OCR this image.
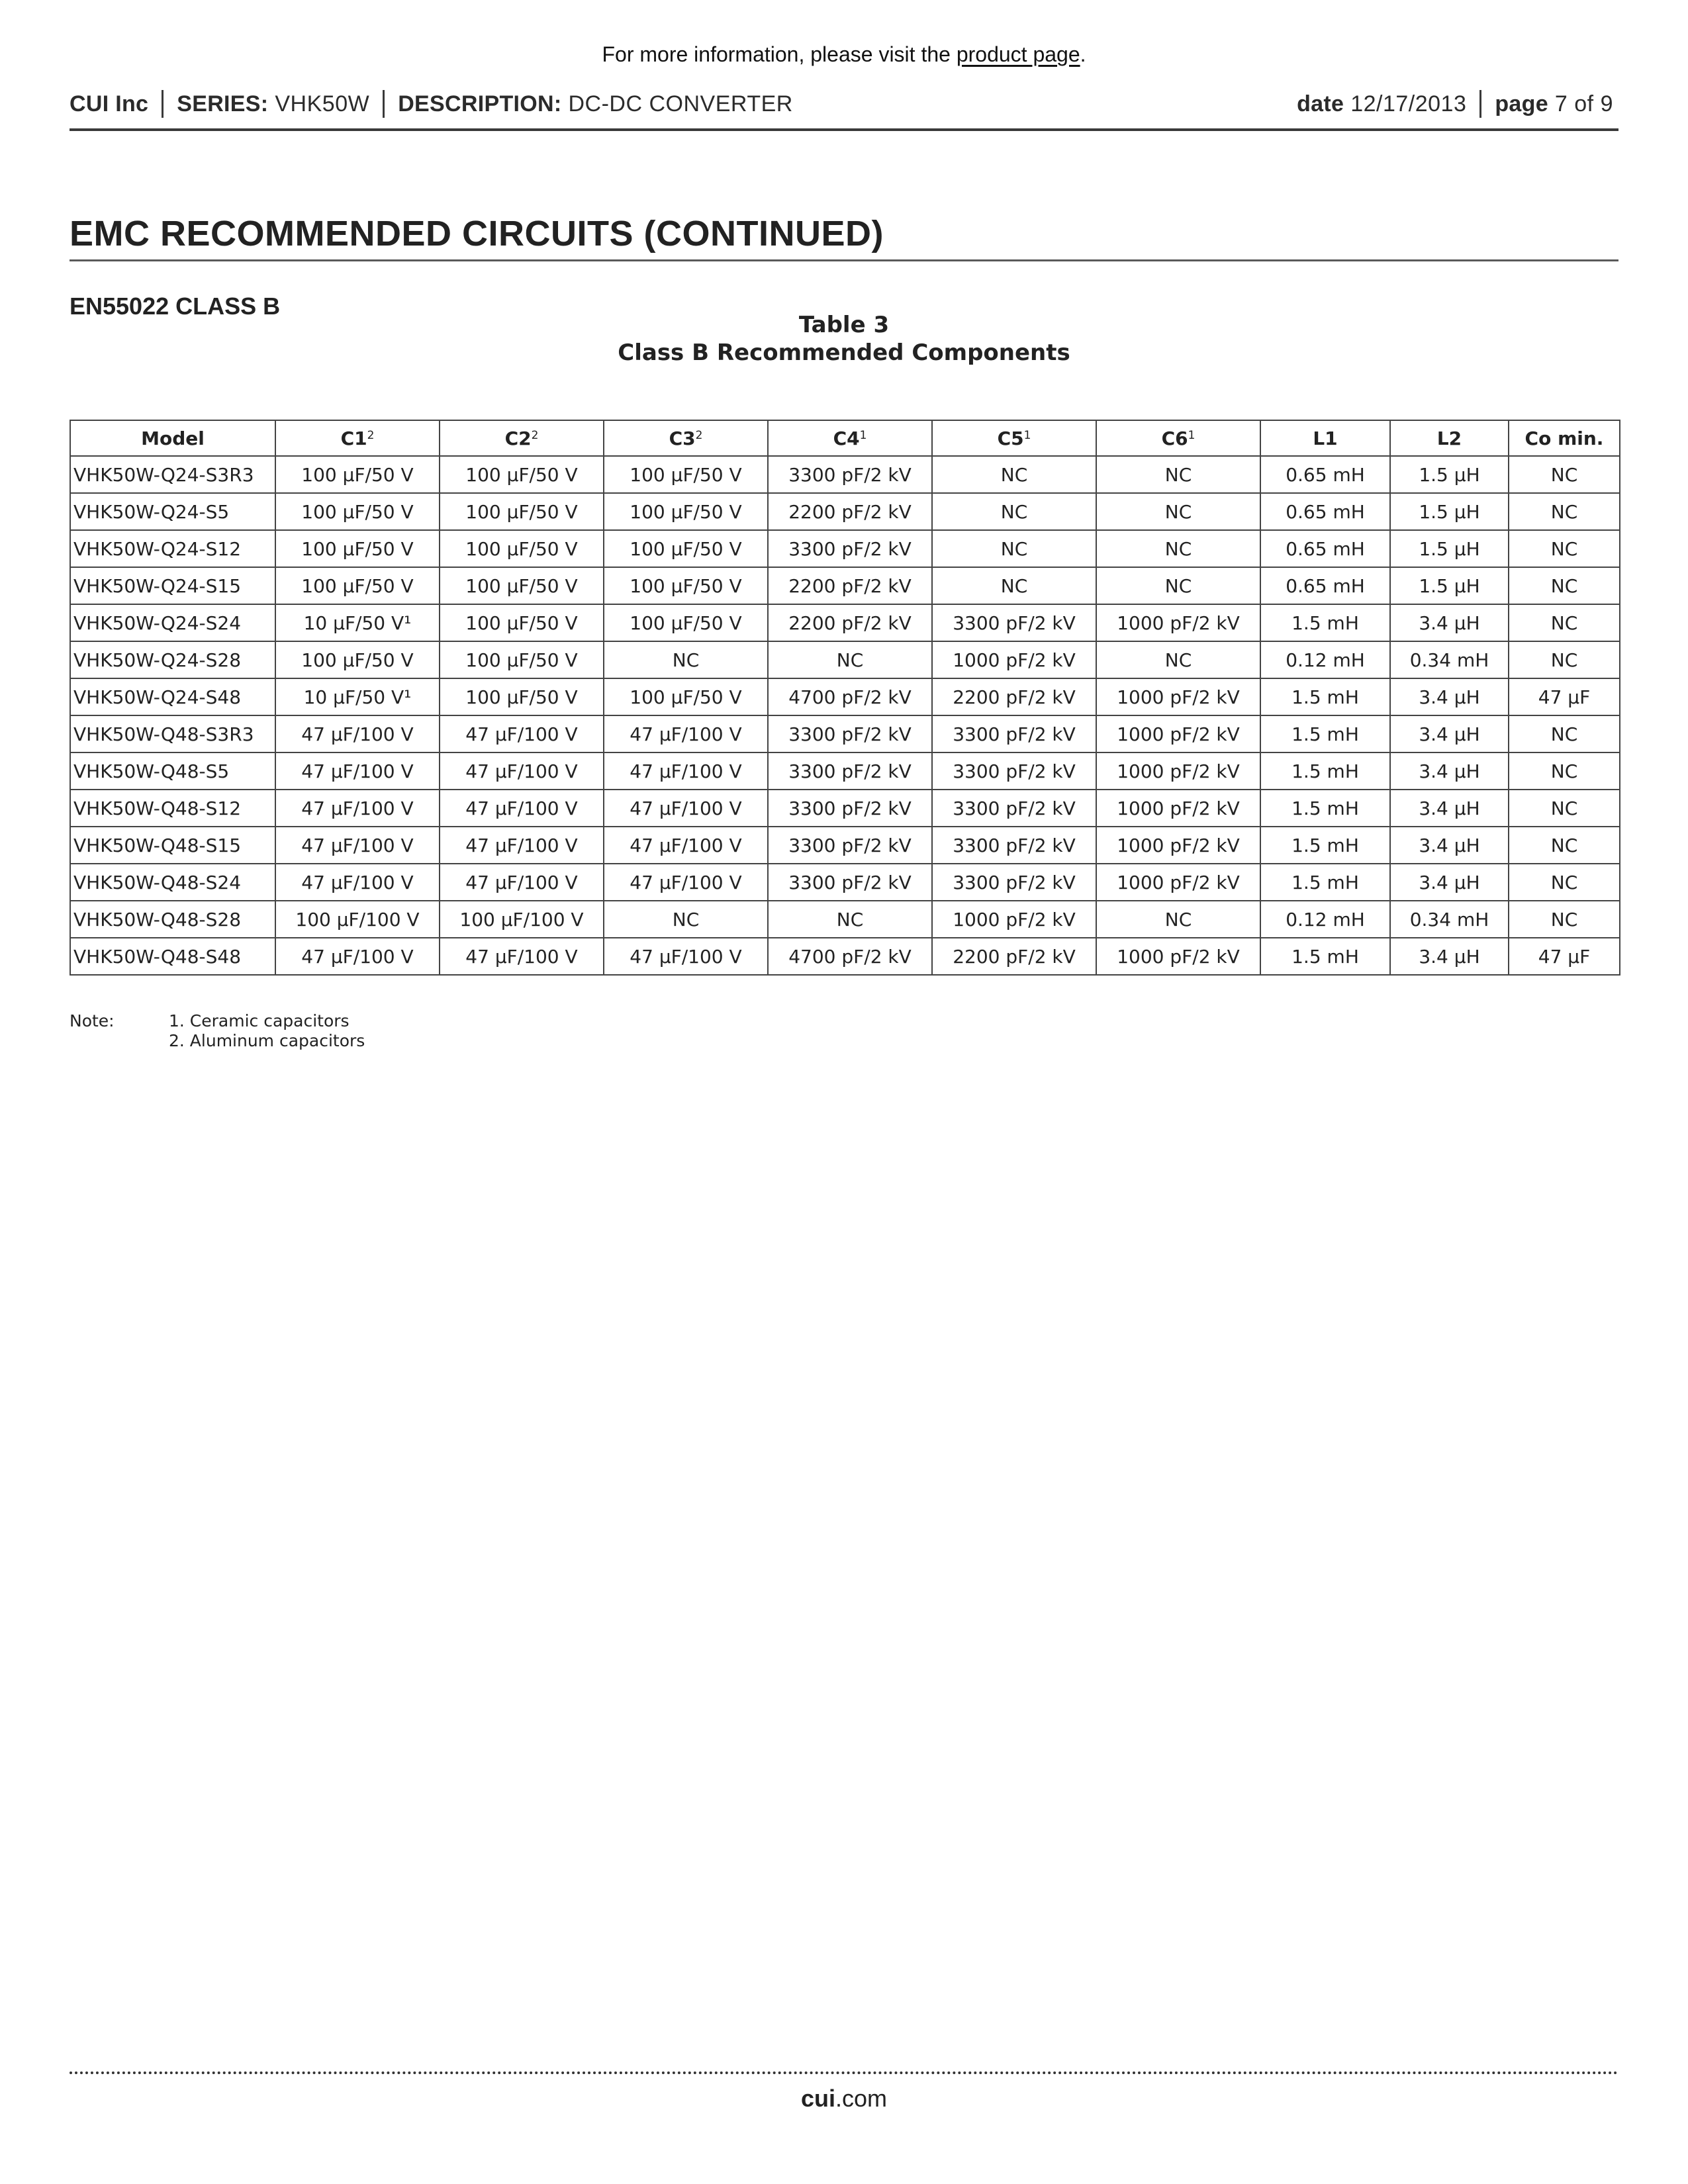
For more information, please visit the product page.
CUI Inc SERIES: VHK50W DESCRIPTION: DC-DC CONVERTER	date 12/17/2013 page 7 of 9
EMC RECOMMENDED CIRCUITS (CONTINUED)
EN55022 CLASS B
Table 3
Class B Recommended Components
Model	$C1^2$	$C2^2$	$C3^2$	$C4^1$	$C5^1$	$C6^1$	L1	L2	Co min.
VHK50W-Q24-S3R3	100 μF/50 V	100 μF/50 V	100 μF/50 V	3300 pF/2 kV	NC	NC	0.65 mH	1.5 μH	NC
VHK50W-Q24-S5	100 μF/50 V	100 μF/50 V	100 μF/50 V	2200 pF/2 kV	NC	NC	0.65 mH	1.5 μH	NC
VHK50W-Q24-S12	100 μF/50 V	100 μF/50 V	100 μF/50 V	3300 pF/2 kV	NC	NC	0.65 mH	1.5 μH	NC
VHK50W-Q24-S15	100 μF/50 V	100 μF/50 V	100 μF/50 V	2200 pF/2 kV	NC	NC	0.65 mH	1.5 μH	NC
VHK50W-Q24-S24	10 μF/50 V¹	100 μF/50 V	100 μF/50 V	2200 pF/2 kV	3300 pF/2 kV	1000 pF/2 kV	1.5 mH	3.4 μH	NC
VHK50W-Q24-S28	100 μF/50 V	100 μF/50 V	NC	NC	1000 pF/2 kV	NC	0.12 mH	0.34 mH	NC
VHK50W-Q24-S48	10 μF/50 V¹	100 μF/50 V	100 μF/50 V	4700 pF/2 kV	2200 pF/2 kV	1000 pF/2 kV	1.5 mH	3.4 μH	47 μF
VHK50W-Q48-S3R3	47 μF/100 V	47 μF/100 V	47 μF/100 V	3300 pF/2 kV	3300 pF/2 kV	1000 pF/2 kV	1.5 mH	3.4 μH	NC
VHK50W-Q48-S5	47 μF/100 V	47 μF/100 V	47 μF/100 V	3300 pF/2 kV	3300 pF/2 kV	1000 pF/2 kV	1.5 mH	3.4 μH	NC
VHK50W-Q48-S12	47 μF/100 V	47 μF/100 V	47 μF/100 V	3300 pF/2 kV	3300 pF/2 kV	1000 pF/2 kV	1.5 mH	3.4 μH	NC
VHK50W-Q48-S15	47 μF/100 V	47 μF/100 V	47 μF/100 V	3300 pF/2 kV	3300 pF/2 kV	1000 pF/2 kV	1.5 mH	3.4 μH	NC
VHK50W-Q48-S24	47 μF/100 V	47 μF/100 V	47 μF/100 V	3300 pF/2 kV	3300 pF/2 kV	1000 pF/2 kV	1.5 mH	3.4 μH	NC
VHK50W-Q48-S28	100 μF/100 V	100 μF/100 V	NC	NC	1000 pF/2 kV	NC	0.12 mH	0.34 mH	NC
VHK50W-Q48-S48	47 μF/100 V	47 μF/100 V	47 μF/100 V	4700 pF/2 kV	2200 pF/2 kV	1000 pF/2 kV	1.5 mH	3.4 μH	47 μF
Note:	1. Ceramic capacitors
2. Aluminum capacitors
cui.com
